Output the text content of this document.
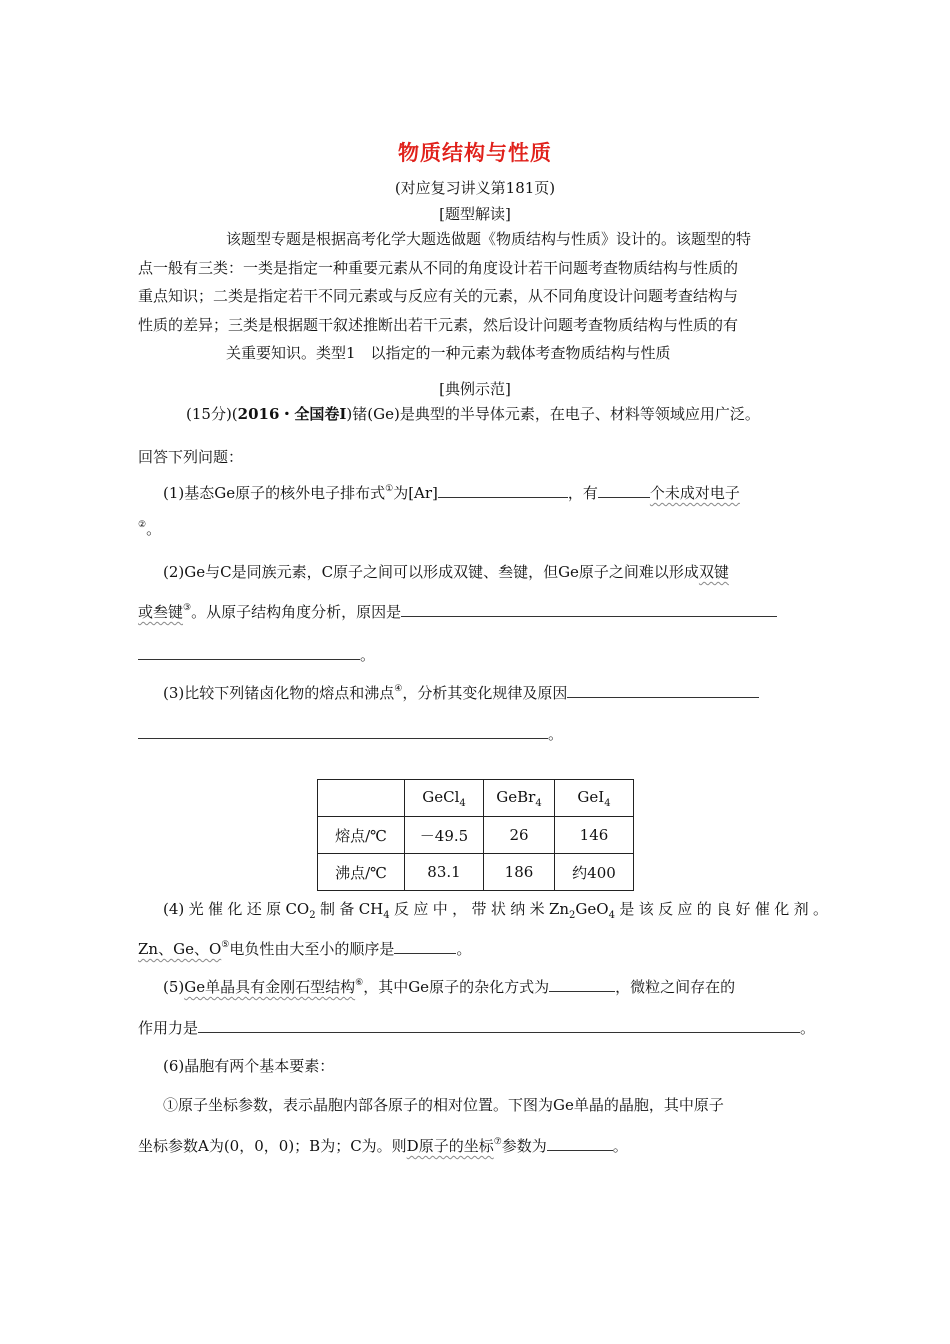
物质结构与性质
(对应复习讲义第181页)
[题型解读]
该题型专题是根据高考化学大题选做题《物质结构与性质》设计的。该题型的特
点一般有三类：一类是指定一种重要元素从不同的角度设计若干问题考查物质结构与性质的
重点知识；二类是指定若干不同元素或与反应有关的元素，从不同角度设计问题考查结构与
性质的差异；三类是根据题干叙述推断出若干元素，然后设计问题考查物质结构与性质的有
关重要知识。类型1　以指定的一种元素为载体考查物质结构与性质
[典例示范]
(15分)(2016・全国卷Ⅰ)锗(Ge)是典型的半导体元素，在电子、材料等领域应用广泛。
回答下列问题：
(1)基态Ge原子的核外电子排布式①为[Ar]	，有	个未成对电子
②。
(2)Ge与C是同族元素，C原子之间可以形成双键、叁键，但Ge原子之间难以形成双键
或叁键③。从原子结构角度分析，原因是
。
(3)比较下列锗卤化物的熔点和沸点④，分析其变化规律及原因
。
	GeCl$_4$	GeBr$_4$	GeI$_4$
熔点/℃	－49.5	26	146
沸点/℃	83.1	186	约400
(4)光催化还原$CO_2$制备$CH_4$反应中，带状纳米$Zn_2GeO_4$是该反应的良好催化剂。
Zn、Ge、O⑤电负性由大至小的顺序是	。
(5)Ge单晶具有金刚石型结构⑥，其中Ge原子的杂化方式为	，微粒之间存在的
作用力是	。
(6)晶胞有两个基本要素：
①原子坐标参数，表示晶胞内部各原子的相对位置。下图为Ge单晶的晶胞，其中原子
坐标参数A为(0，0，0)；B为；C为。则D原子的坐标⑦参数为	。
